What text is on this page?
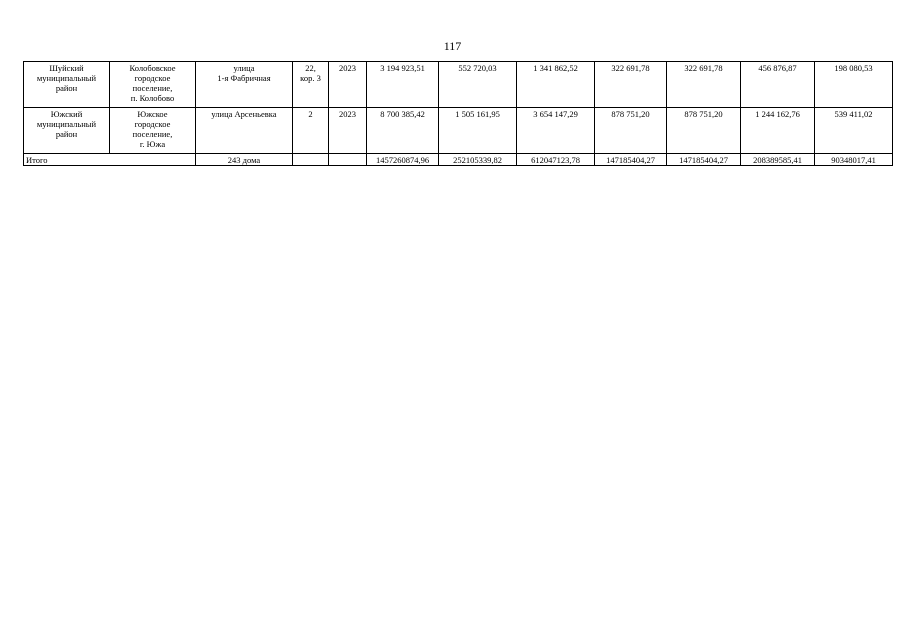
117
Шуйский
муниципальный
район	Колобовское
городское
поселение,
п. Колобово	улица
1-я Фабричная	22,
кор. 3	2023	3 194 923,51	552 720,03	1 341 862,52	322 691,78	322 691,78	456 876,87	198 080,53

Южский
муниципальный
район	Южское
городское
поселение,
г. Южа	улица Арсеньевка	2	2023	8 700 385,42	1 505 161,95	3 654 147,29	878 751,20	878 751,20	1 244 162,76	539 411,02
Итого		243 дома			1457260874,96	252105339,82	612047123,78	147185404,27	147185404,27	208389585,41	90348017,41
